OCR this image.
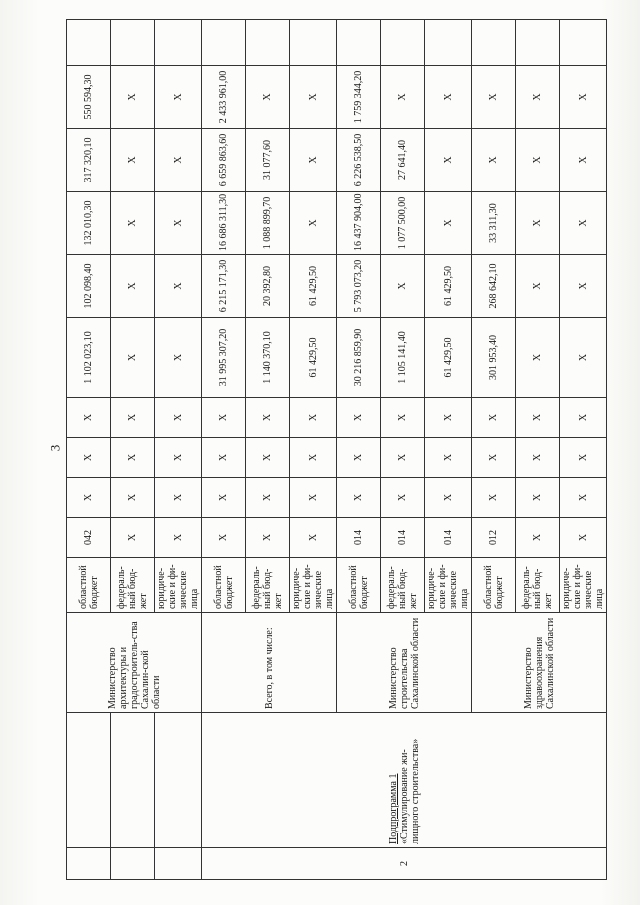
3
		Министерство архитектуры и градостроитель-ства Сахалин-ской области	областной бюджет	042	Х	Х	Х	1 102 023,10	102 098,40	132 010,30	317 320,10	550 594,30	
			федераль-ный бюд-жет	Х	Х	Х	Х	Х	Х	Х	Х	Х	
			юридиче-ские и фи-зические лица	Х	Х	Х	Х	Х	Х	Х	Х	Х	
2	Подпрограмма 1 «Стимулирование жи-лищного строительства»	Всего, в том числе:	областной бюджет	Х	Х	Х	Х	31 995 307,20	6 215 171,30	16 686 311,30	6 659 863,60	2 433 961,00	
			федераль-ный бюд-жет	Х	Х	Х	Х	1 140 370,10	20 392,80	1 088 899,70	31 077,60	Х	
			юридиче-ские и фи-зические лица	Х	Х	Х	Х	61 429,50	61 429,50	Х	Х	Х	
		Министерство строительства Сахалинской области	областной бюджет	014	Х	Х	Х	30 216 859,90	5 793 073,20	16 437 904,00	6 226 538,50	1 759 344,20	
			федераль-ный бюд-жет	014	Х	Х	Х	1 105 141,40	Х	1 077 500,00	27 641,40	Х	
			юридиче-ские и фи-зические лица	014	Х	Х	Х	61 429,50	61 429,50	Х	Х	Х	
		Министерство здравоохранения Сахалинской области	областной бюджет	012	Х	Х	Х	301 953,40	268 642,10	33 311,30	Х	Х	
			федераль-ный бюд-жет	Х	Х	Х	Х	Х	Х	Х	Х	Х	
			юридиче-ские и фи-зические лица	Х	Х	Х	Х	Х	Х	Х	Х	Х	
